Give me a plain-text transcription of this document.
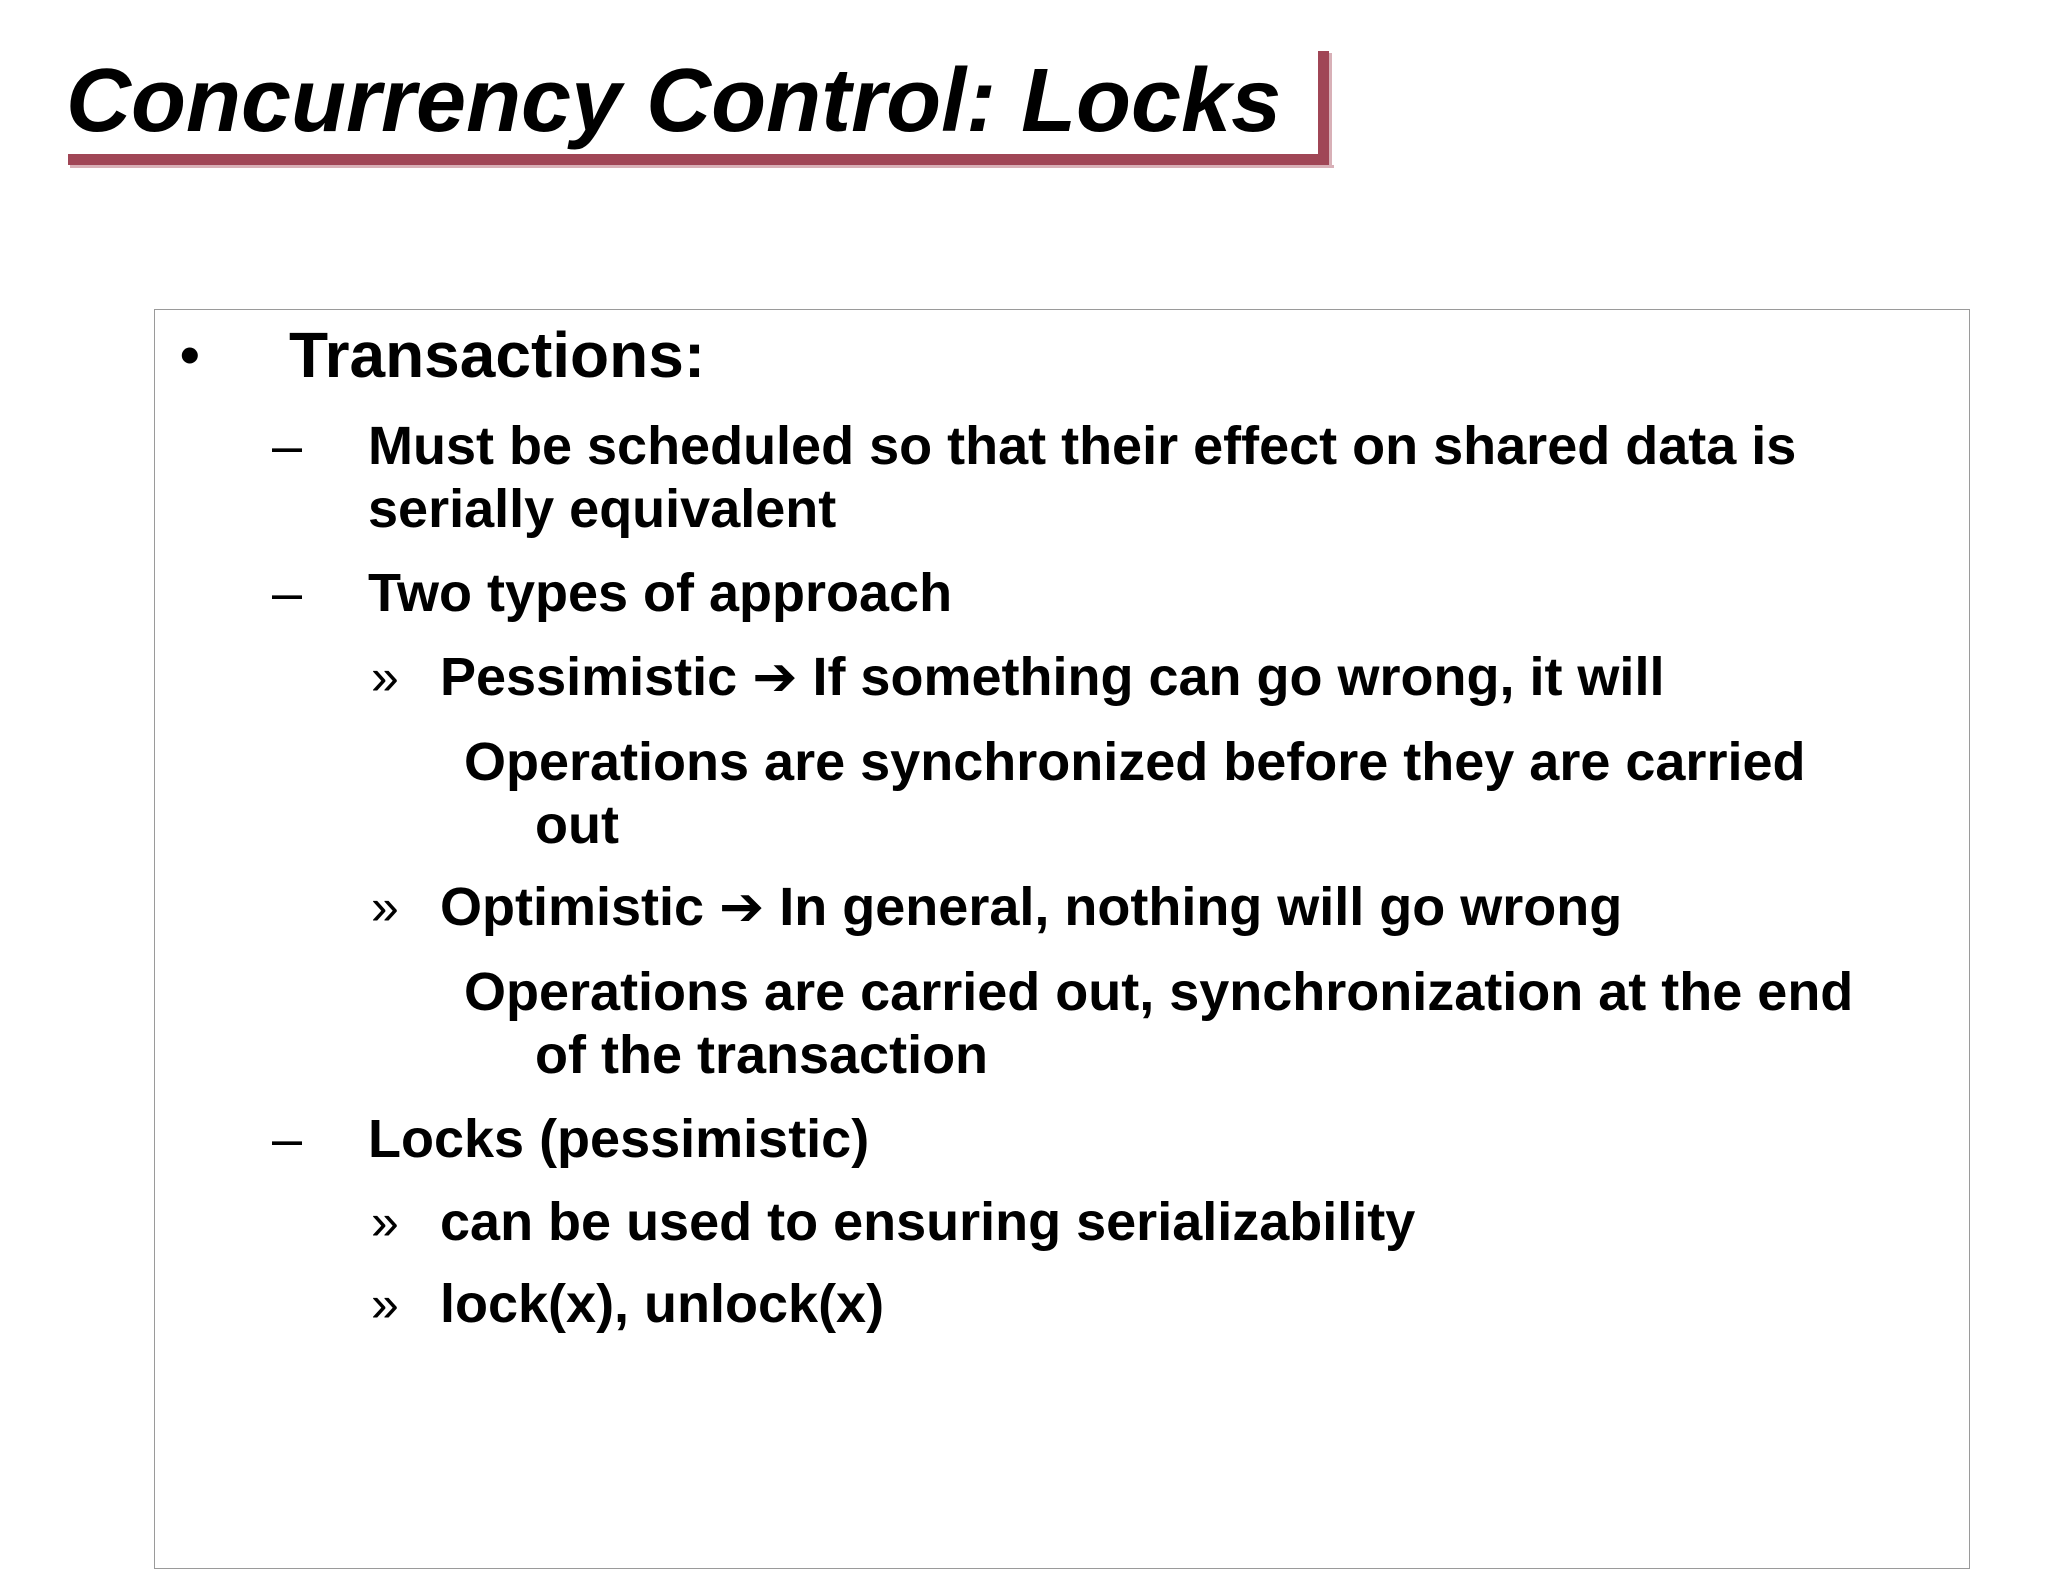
Concurrency Control: Locks
• Transactions:
– Must be scheduled so that their effect on shared data is
serially equivalent
– Two types of approach
» Pessimistic ➔ If something can go wrong, it will
Operations are synchronized before they are carried
out
» Optimistic ➔ In general, nothing will go wrong
Operations are carried out, synchronization at the end
of the transaction
– Locks (pessimistic)
» can be used to ensuring serializability
» lock(x), unlock(x)
